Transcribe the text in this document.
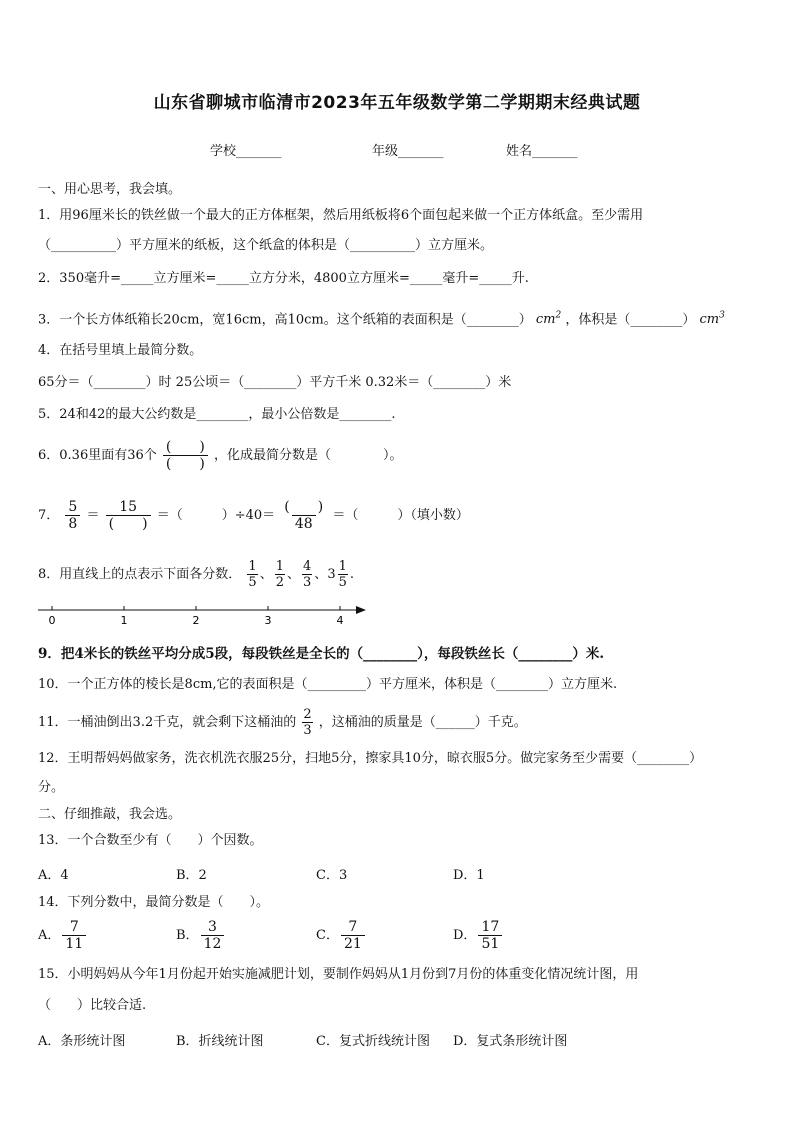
山东省聊城市临清市2023年五年级数学第二学期期末经典试题
学校_______	年级_______	姓名_______
一、用心思考，我会填。
1．用96厘米长的铁丝做一个最大的正方体框架，然后用纸板将6个面包起来做一个正方体纸盒。至少需用
（__________）平方厘米的纸板，这个纸盒的体积是（__________）立方厘米。
2．350毫升=_____立方厘米=_____立方分米，4800立方厘米=_____毫升=_____升.
3．一个长方体纸箱长20cm，宽16cm，高10cm。这个纸箱的表面积是（________） $cm^2$ ，体积是（________） $cm^3$
4．在括号里填上最简分数。
65分＝（________）时 25公顷＝（________）平方千米 0.32米＝（________）米
5．24和42的最大公约数是________，最小公倍数是________.
6．0.36里面有36个 $\frac{( )}{( )}$ ，化成最简分数是（　　　　）。
7． $\frac{5}{8} = \frac{15}{( )}$ ＝（　　　）$\div 40= \frac{( )}{48}$ ＝（　　　）（填小数）
8．用直线上的点表示下面各分数． $\frac{1}{5}$ 、 $\frac{1}{2}$ 、 $\frac{4}{3}$ 、$3 \frac{1}{5}$ .
0	1	2	3	4
9．把4米长的铁丝平均分成5段，每段铁丝是全长的（________），每段铁丝长（________）米.
10．一个正方体的棱长是8cm,它的表面积是（_________）平方厘米，体积是（________）立方厘米.
11．一桶油倒出3.2千克，就会剩下这桶油的 $\frac{2}{3}$ ，这桶油的质量是（______）千克。
12．王明帮妈妈做家务，洗衣机洗衣服25分，扫地5分，擦家具10分，晾衣服5分。做完家务至少需要（________）
分。
二、仔细推敲，我会选。
13．一个合数至少有（　　）个因数。
A．4	B．2	C．3	D．1
14．下列分数中，最简分数是（　　）。
A． $\frac{7}{11}$	B． $\frac{3}{12}$	C． $\frac{7}{21}$	D． $\frac{17}{51}$
15．小明妈妈从今年1月份起开始实施减肥计划，要制作妈妈从1月份到7月份的体重变化情况统计图，用
（　　）比较合适.
A．条形统计图	B．折线统计图	C．复式折线统计图 D．复式条形统计图
